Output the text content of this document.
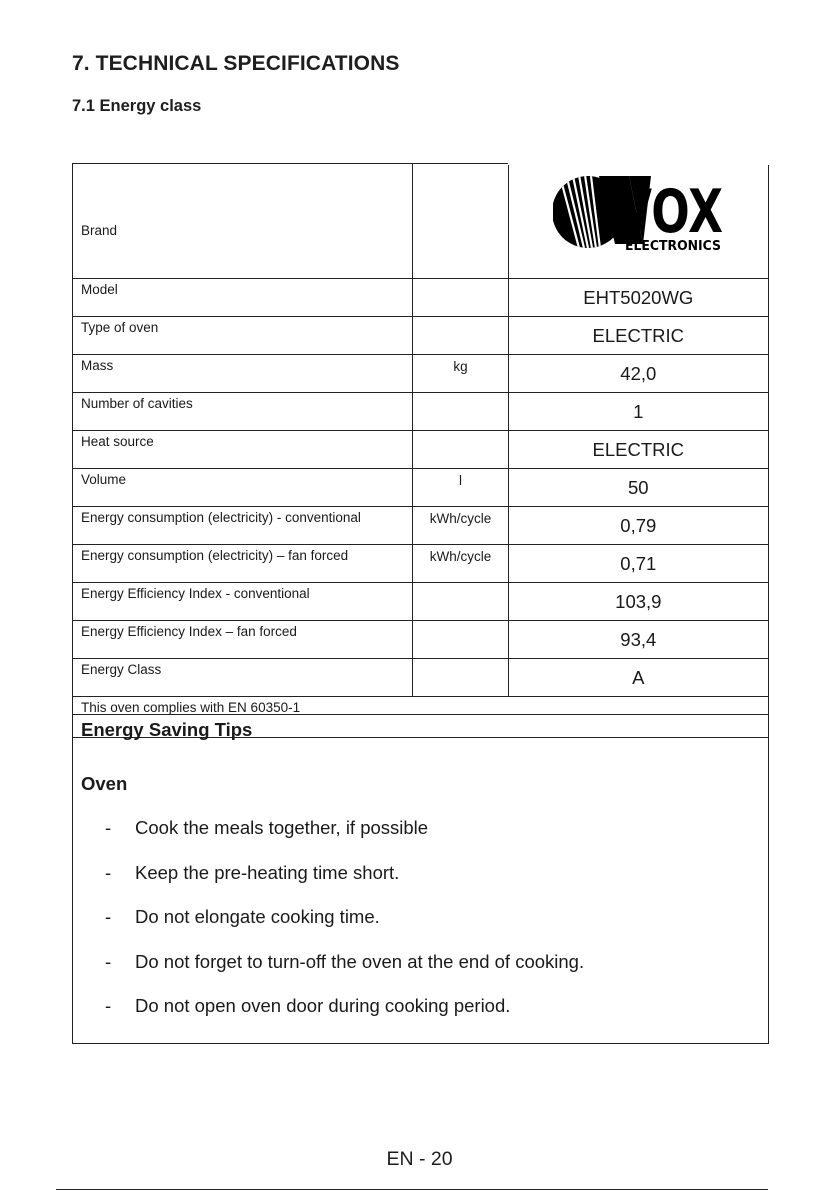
7. TECHNICAL SPECIFICATIONS
7.1 Energy class
Brand		VOX
ELECTRONICS

Model		EHT5020WG
Type of oven		ELECTRIC
Mass	kg	42,0
Number of cavities		1
Heat source		ELECTRIC
Volume	l	50
Energy consumption (electricity) - conventional	kWh/cycle	0,79
Energy consumption (electricity) – fan forced	kWh/cycle	0,71
Energy Efficiency Index - conventional		103,9
Energy Efficiency Index – fan forced		93,4
Energy Class		A
This oven complies with EN 60350-1		
Energy Saving Tips
Oven
- Cook the meals together, if possible
- Keep the pre-heating time short.
- Do not elongate cooking time.
- Do not forget to turn-off the oven at the end of cooking.
- Do not open oven door during cooking period.
EN - 20
